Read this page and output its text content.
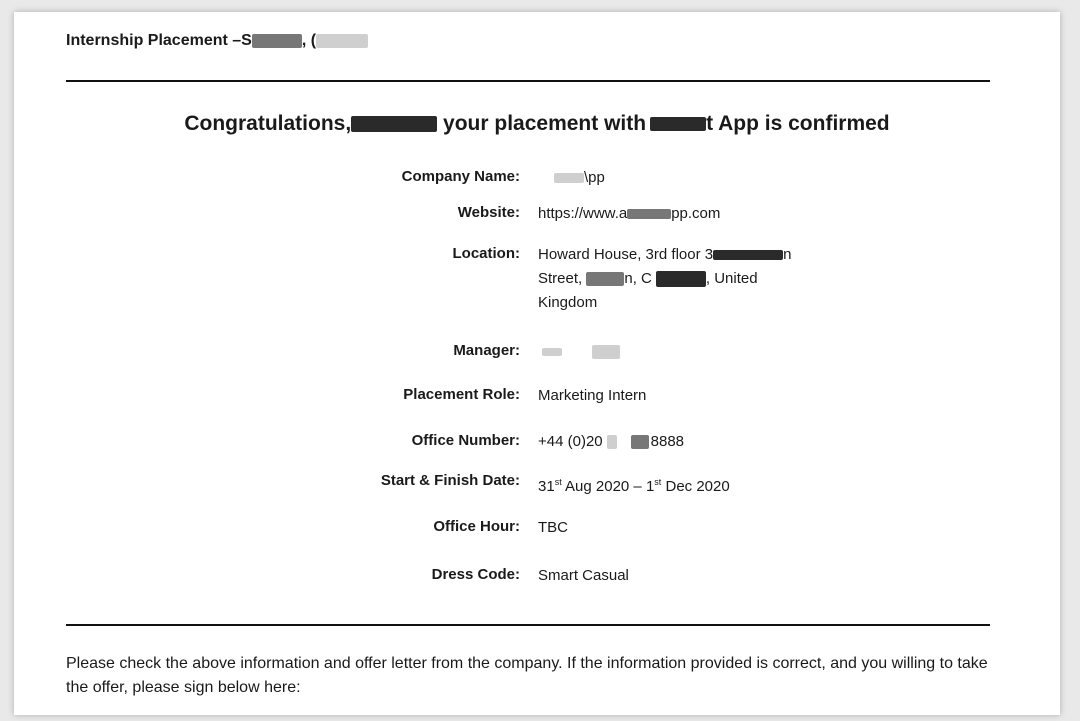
Internship Placement –S	, (
Congratulations,	your placement with	t App is confirmed
Company Name:	\pp
Website: https://www.a	pp.com
Location: Howard House, 3rd floor 3	n
Street,	n, C	, United
Kingdom
Manager:
Placement Role: Marketing Intern
Office Number: +44 (0)20	8888
Start & Finish Date: 31st Aug 2020 – 1st Dec 2020
Office Hour: TBC
Dress Code: Smart Casual
Please check the above information and offer letter from the company. If the information provided is correct, and you willing to take the offer, please sign below here:
